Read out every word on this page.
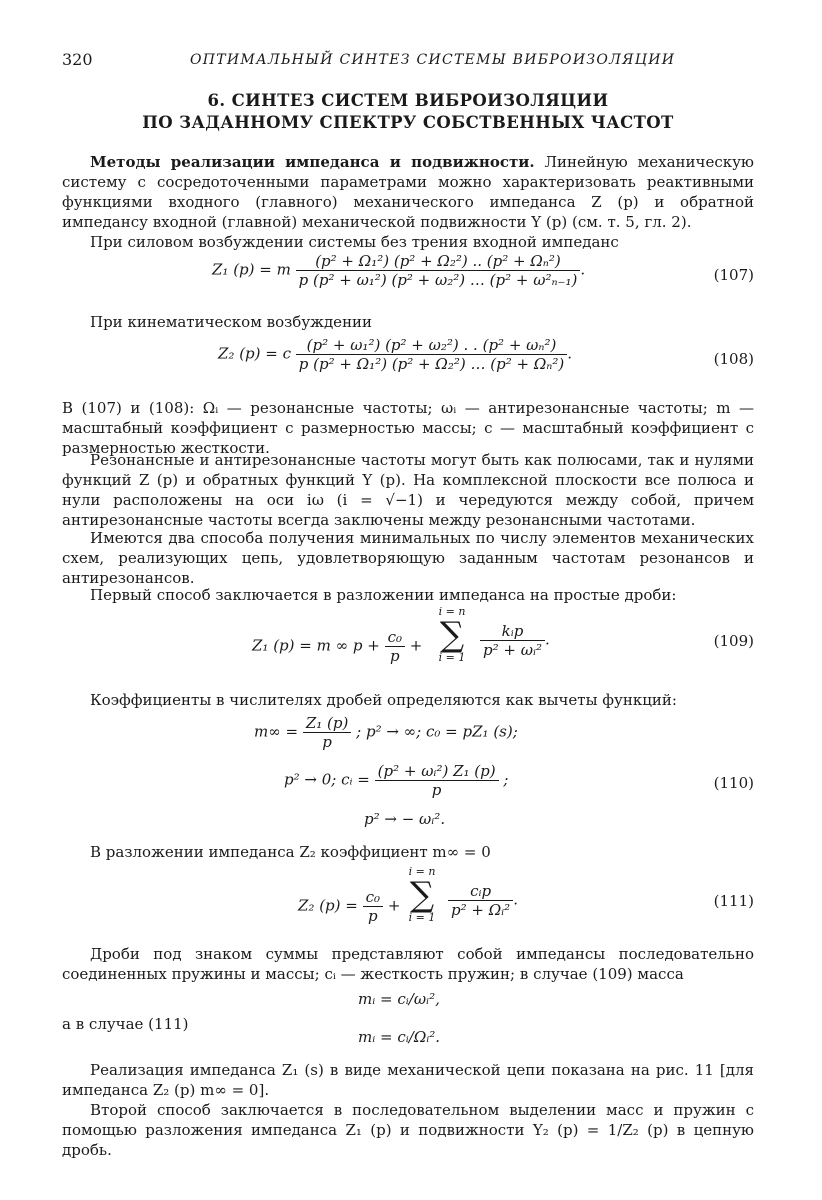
320	ОПТИМАЛЬНЫЙ СИНТЕЗ СИСТЕМЫ ВИБРОИЗОЛЯЦИИ
6. СИНТЕЗ СИСТЕМ ВИБРОИЗОЛЯЦИИ
ПО ЗАДАННОМУ СПЕКТРУ СОБСТВЕННЫХ ЧАСТОТ
Методы реализации импеданса и подвижности. Линейную механическую систему с сосредоточенными параметрами можно характеризовать реактивными функциями входного (главного) механического импеданса Z (p) и обратной импедансу входной (главной) механической подвижности Y (p) (см. т. 5, гл. 2).
При силовом возбуждении системы без трения входной импеданс
Z₁ (p) = m $\frac{\text{(p² + Ω₁²) (p² + Ω₂²) .. (p² + Ωₙ²)}}{\text{p (p² + ω₁²) (p² + ω₂²) … (p² + ω²ₙ₋₁)}}$ .	(107)
При кинематическом возбуждении
Z₂ (p) = c $\frac{\text{(p² + ω₁²) (p² + ω₂²) . . (p² + ωₙ²)}}{\text{p (p² + Ω₁²) (p² + Ω₂²) … (p² + Ωₙ²)}}$ .	(108)
В (107) и (108): Ωᵢ — резонансные частоты; ωᵢ — антирезонансные частоты; m — масштабный коэффициент с размерностью массы; c — масштабный коэффициент с размерностью жесткости.
Резонансные и антирезонансные частоты могут быть как полюсами, так и нулями функций Z (p) и обратных функций Y (p). На комплексной плоскости все полюса и нули расположены на оси iω (i = √−1) и чередуются между собой, причем антирезонансные частоты всегда заключены между резонансными частотами.
Имеются два способа получения минимальных по числу элементов механических схем, реализующих цепь, удовлетворяющую заданным частотам резонансов и антирезонансов.
Первый способ заключается в разложении импеданса на простые дроби:
Z₁ (p) = m ∞ $p + \frac{\text{c₀}}{p}$ +
i = n
∑
$i = 1 \frac{\text{kᵢp}}{\text{p² + ωᵢ²}}$ .	(109)
Коэффициенты в числителях дробей определяются как вычеты функций:
$m\infty = \frac{\text{Z₁ (p)}}{p}$ ; p² → ∞; c₀ = pZ₁ (s);
p² → 0; cᵢ = $\frac{\text{(p² + ωᵢ²) Z₁ (p)}}{p}$ ;
p² → − ωᵢ².
(110)
В разложении импеданса Z₂ коэффициент m∞ = 0
Z₂ $(p) = \frac{\text{c₀}}{p}$ +
i = n
∑
$i = 1 \frac{\text{cᵢp}}{\text{p² + Ωᵢ²}}$ .	(111)
Дроби под знаком суммы представляют собой импедансы последовательно соединенных пружины и массы; cᵢ — жесткость пружин; в случае (109) масса
mᵢ = cᵢ/ωᵢ²,
а в случае (111)
mᵢ = cᵢ/Ωᵢ².
Реализация импеданса Z₁ (s) в виде механической цепи показана на рис. 11 [для импеданса Z₂ (p) m∞ = 0].
Второй способ заключается в последовательном выделении масс и пружин с помощью разложения импеданса Z₁ (p) и подвижности Y₂ (p) = 1/Z₂ (p) в цепную дробь.
